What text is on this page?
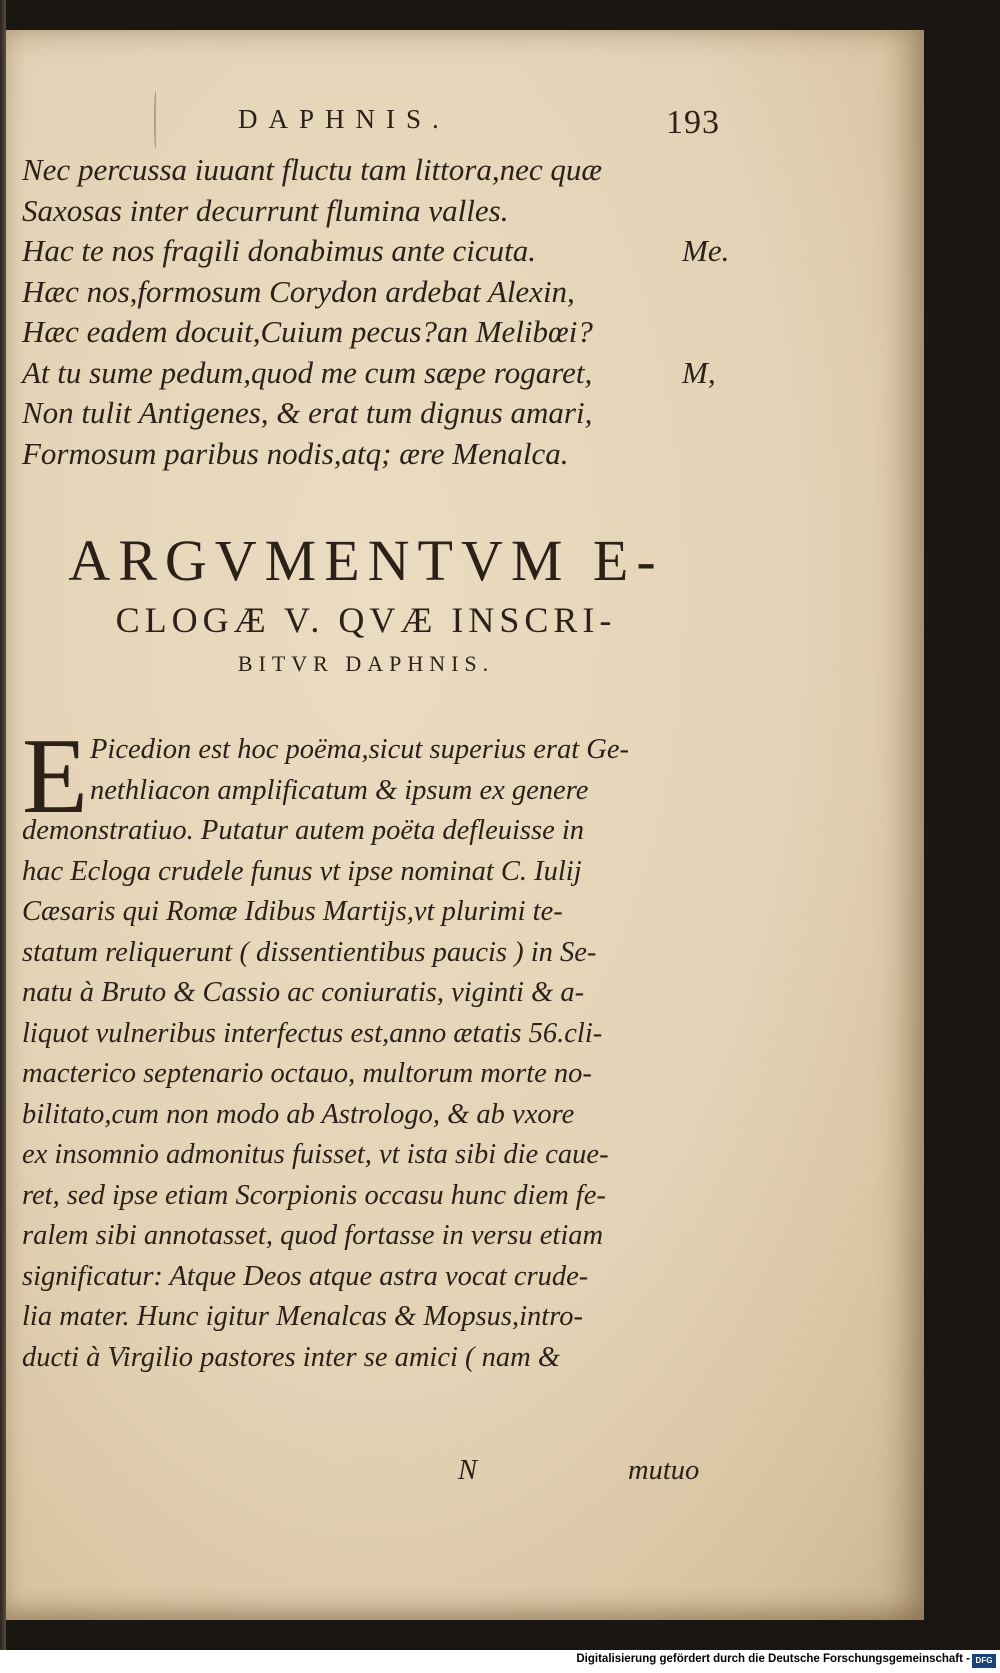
DAPHNIS.	193
Nec percussa iuuant fluctu tam littora,nec quæ
Saxosas inter decurrunt flumina valles.
Hac te nos fragili donabimus ante cicuta.	Me.
Hæc nos,formosum Corydon ardebat Alexin,
Hæc eadem docuit,Cuium pecus?an Melibœi?
At tu sume pedum,quod me cum sæpe rogaret,	M,
Non tulit Antigenes, & erat tum dignus amari,
Formosum paribus nodis,atq; ære Menalca.
ARGVMENTVM E-
CLOGÆ V. QVÆ INSCRI-
BITVR DAPHNIS.
E Picedion est hoc poëma,sicut superius erat Ge-
nethliacon amplificatum & ipsum ex genere
demonstratiuo. Putatur autem poëta defleuisse in
hac Ecloga crudele funus vt ipse nominat C. Iulij
Cæsaris qui Romæ Idibus Martijs,vt plurimi te-
statum reliquerunt ( dissentientibus paucis ) in Se-
natu à Bruto & Cassio ac coniuratis, viginti & a-
liquot vulneribus interfectus est,anno ætatis 56.cli-
macterico septenario octauo, multorum morte no-
bilitato,cum non modo ab Astrologo, & ab vxore
ex insomnio admonitus fuisset, vt ista sibi die caue-
ret, sed ipse etiam Scorpionis occasu hunc diem fe-
ralem sibi annotasset, quod fortasse in versu etiam
significatur: Atque Deos atque astra vocat crude-
lia mater. Hunc igitur Menalcas & Mopsus,intro-
ducti à Virgilio pastores inter se amici ( nam &
N	mutuo
Digitalisierung gefördert durch die Deutsche Forschungsgemeinschaft - DFG
